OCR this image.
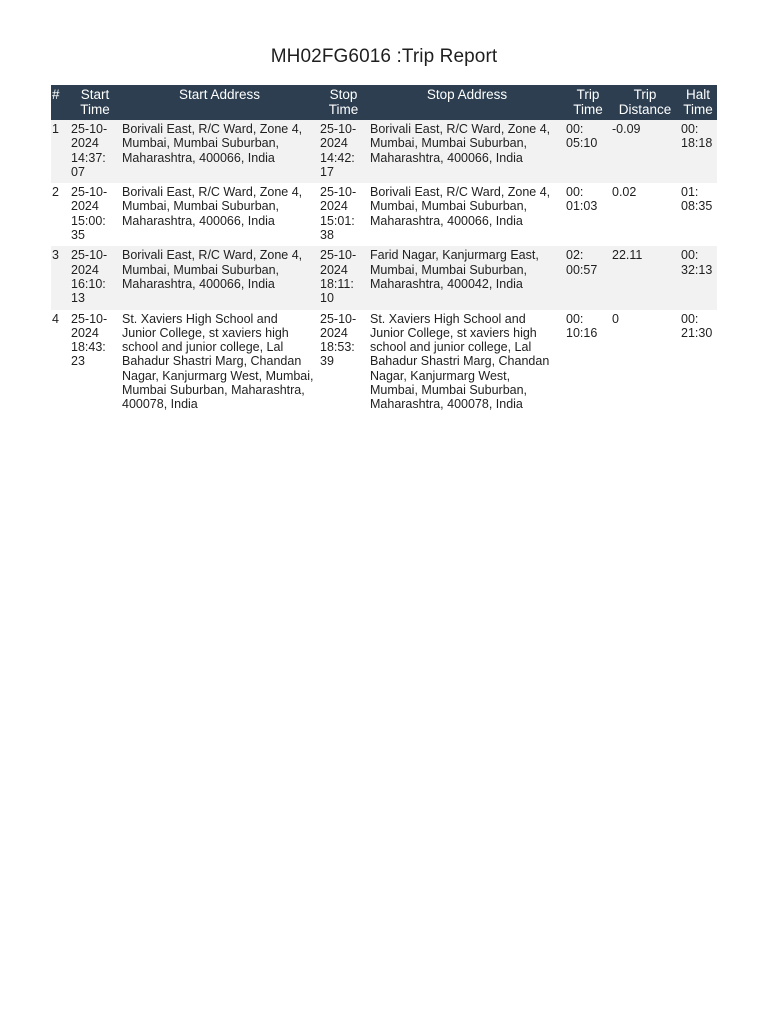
MH02FG6016 :Trip Report
#	Start
Time	Start Address	Stop
Time	Stop Address	Trip
Time	Trip
Distance	Halt
Time

1	25-10-
2024
14:37:
07	Borivali East, R/C Ward, Zone 4, Mumbai, Mumbai Suburban, Maharashtra, 400066, India	25-10-
2024
14:42:
17	Borivali East, R/C Ward, Zone 4, Mumbai, Mumbai Suburban, Maharashtra, 400066, India	00:
05:10	-0.09	00:
18:18

2	25-10-
2024
15:00:
35	Borivali East, R/C Ward, Zone 4, Mumbai, Mumbai Suburban, Maharashtra, 400066, India	25-10-
2024
15:01:
38	Borivali East, R/C Ward, Zone 4, Mumbai, Mumbai Suburban, Maharashtra, 400066, India	00:
01:03	0.02	01:
08:35

3	25-10-
2024
16:10:
13	Borivali East, R/C Ward, Zone 4, Mumbai, Mumbai Suburban, Maharashtra, 400066, India	25-10-
2024
18:11:
10	Farid Nagar, Kanjurmarg East, Mumbai, Mumbai Suburban, Maharashtra, 400042, India	02:
00:57	22.11	00:
32:13

4	25-10-
2024
18:43:
23	St. Xaviers High School and Junior College, st xaviers high school and junior college, Lal Bahadur Shastri Marg, Chandan Nagar, Kanjurmarg West, Mumbai, Mumbai Suburban, Maharashtra, 400078, India	25-10-
2024
18:53:
39	St. Xaviers High School and Junior College, st xaviers high school and junior college, Lal Bahadur Shastri Marg, Chandan Nagar, Kanjurmarg West, Mumbai, Mumbai Suburban, Maharashtra, 400078, India	00:
10:16	0	00:
21:30
